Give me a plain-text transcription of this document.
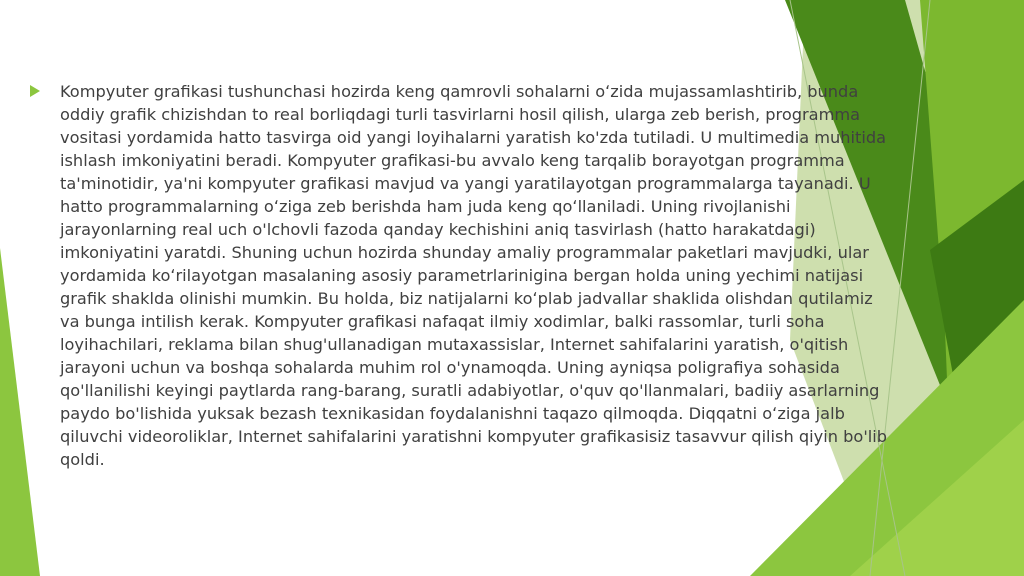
Kompyuter grafikasi tushunchasi hozirda keng qamrovli sohalarni oʻzida mujassamlashtirib, bunda oddiy grafik chizishdan to real borliqdagi turli tasvirlarni hosil qilish, ularga zeb berish, programma vositasi yordamida hatto tasvirga oid yangi loyihalarni yaratish ko'zda tutiladi. U multimedia muhitida ishlash imkoniyatini beradi. Kompyuter grafikasi-bu avvalo keng tarqalib borayotgan programma ta'minotidir, ya'ni kompyuter grafikasi mavjud va yangi yaratilayotgan programmalarga tayanadi. U hatto programmalarning oʻziga zeb berishda ham juda keng qoʻllaniladi. Uning rivojlanishi jarayonlarning real uch o'lchovli fazoda qanday kechishini aniq tasvirlash (hatto harakatdagi) imkoniyatini yaratdi. Shuning uchun hozirda shunday amaliy programmalar paketlari mavjudki, ular yordamida koʻrilayotgan masalaning asosiy parametrlarinigina bergan holda uning yechimi natijasi grafik shaklda olinishi mumkin. Bu holda, biz natijalarni koʻplab jadvallar shaklida olishdan qutilamiz va bunga intilish kerak. Kompyuter grafikasi nafaqat ilmiy xodimlar, balki rassomlar, turli soha loyihachilari, reklama bilan shug'ullanadigan mutaxassislar, Internet sahifalarini yaratish, o'qitish jarayoni uchun va boshqa sohalarda muhim rol o'ynamoqda. Uning ayniqsa poligrafiya sohasida qo'llanilishi keyingi paytlarda rang-barang, suratli adabiyotlar, o'quv qo'llanmalari, badiiy asarlarning paydo bo'lishida yuksak bezash texnikasidan foydalanishni taqazo qilmoqda. Diqqatni oʻziga jalb qiluvchi videoroliklar, Internet sahifalarini yaratishni kompyuter grafikasisiz tasavvur qilish qiyin bo'lib qoldi.
